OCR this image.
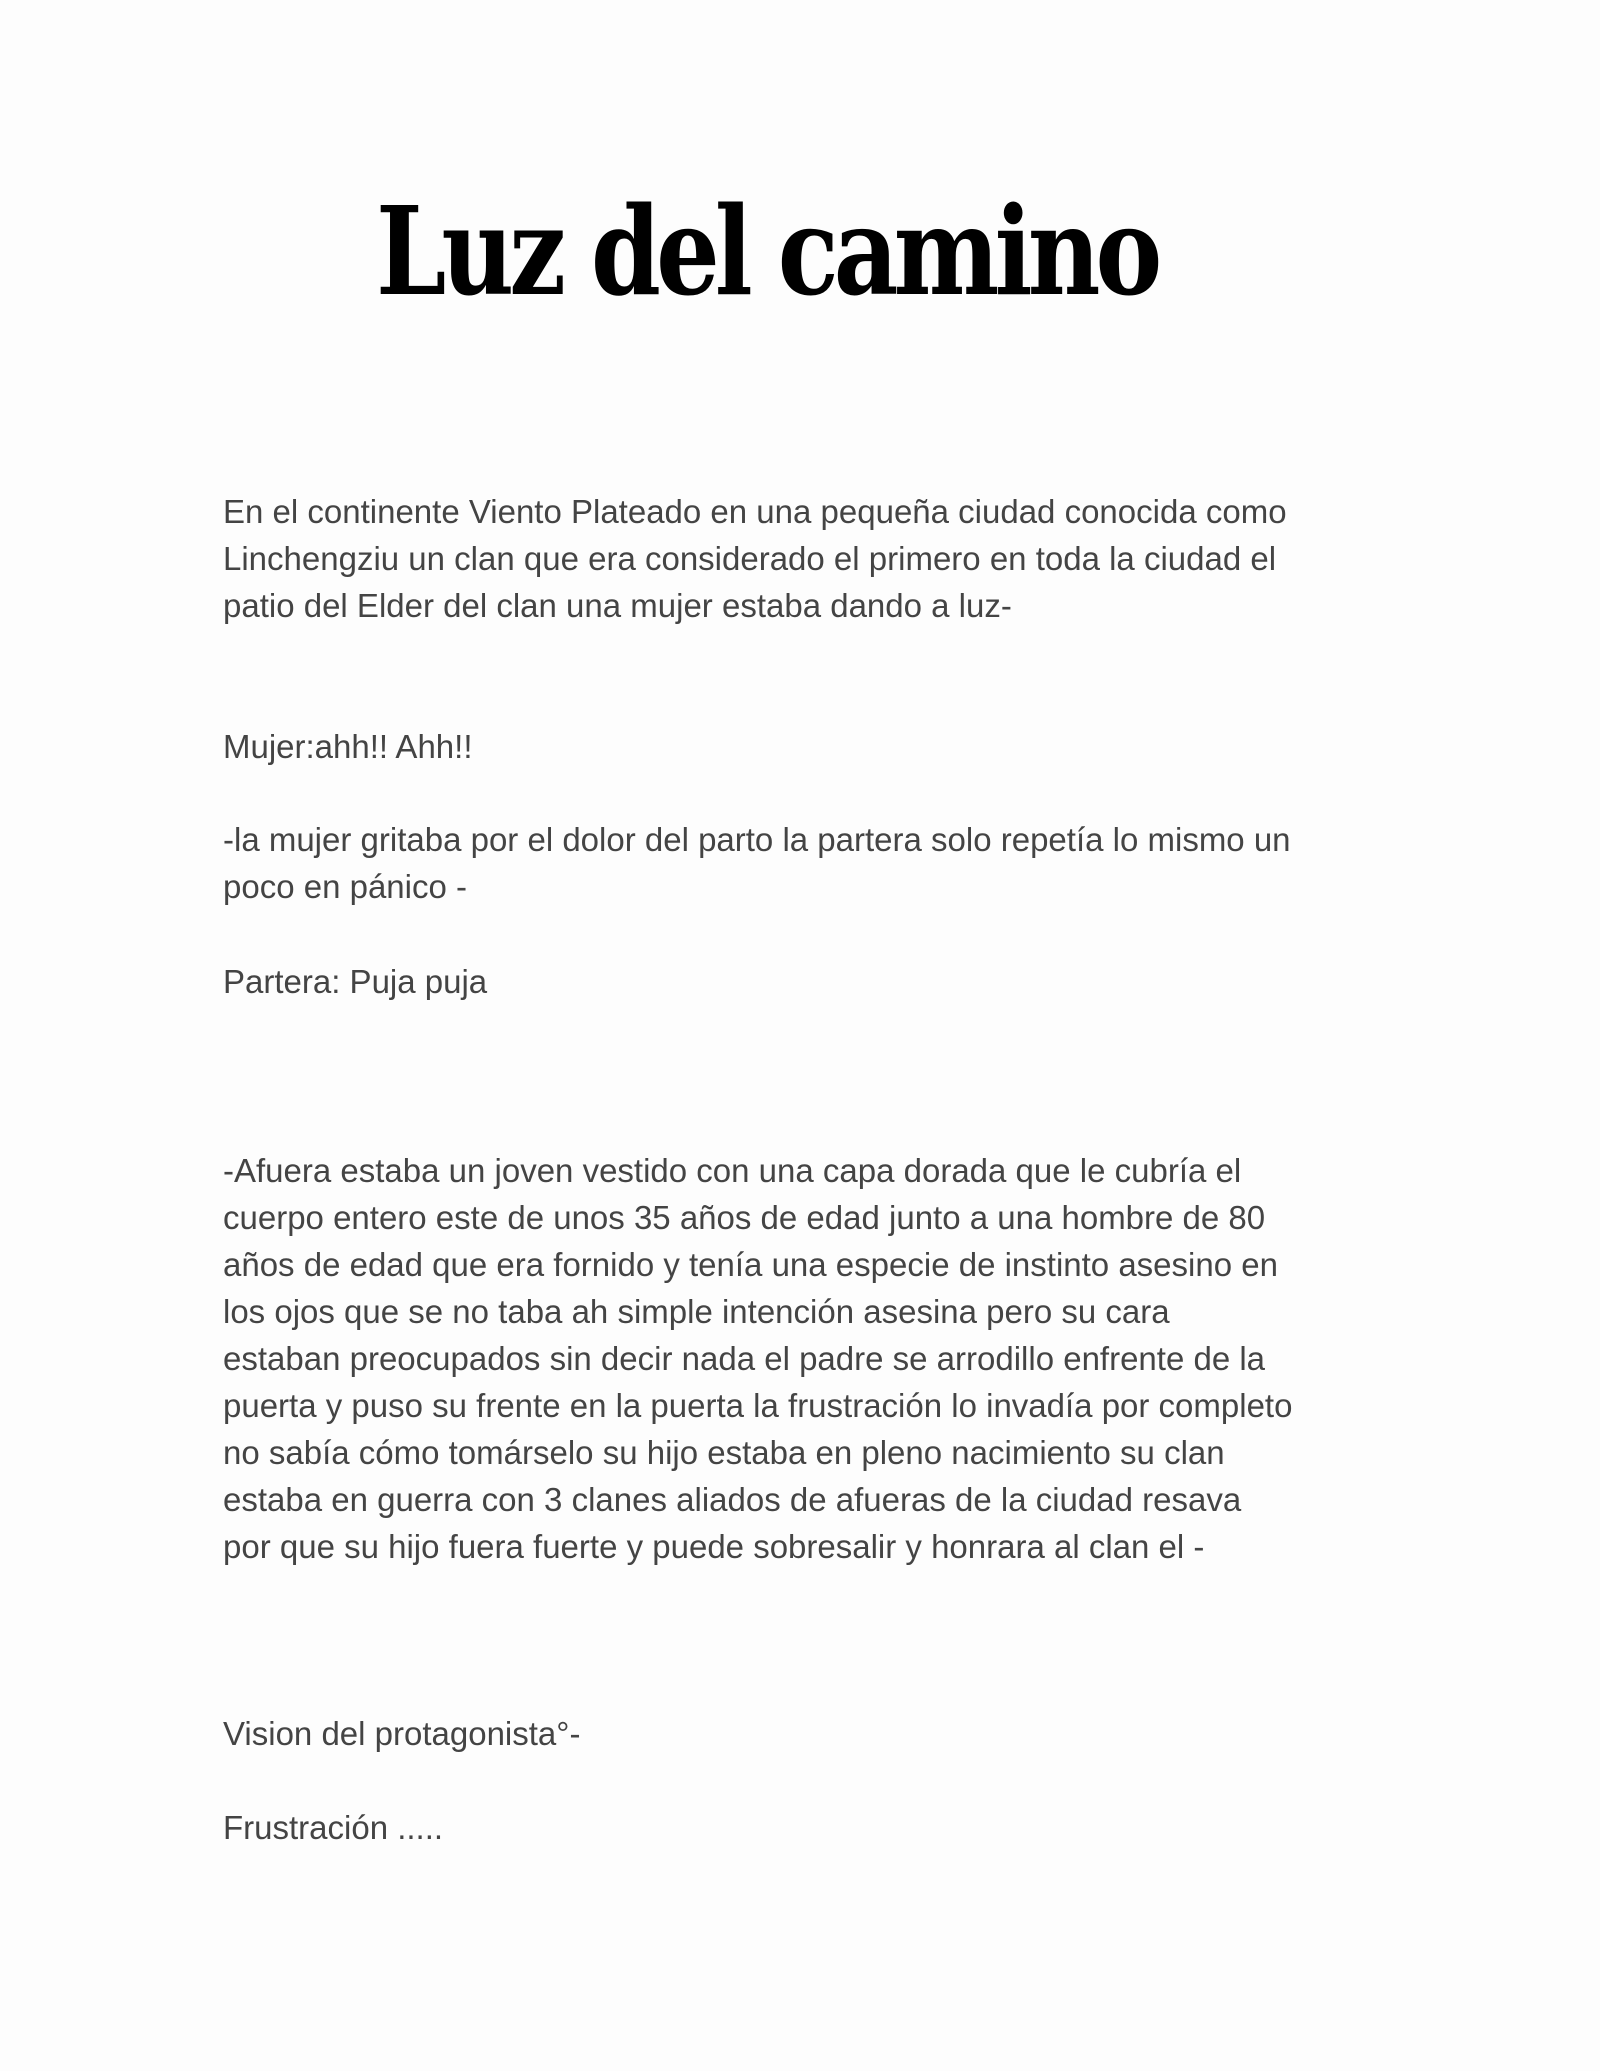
Luz del camino

En el continente Viento Plateado en una pequeña ciudad conocida como
Linchengziu un clan que era considerado el primero en toda la ciudad el
patio del Elder del clan una mujer estaba dando a luz-

Mujer:ahh!! Ahh!!

-la mujer gritaba por el dolor del parto la partera solo repetía lo mismo un
poco en pánico -

Partera: Puja puja

-Afuera estaba un joven vestido con una capa dorada que le cubría el
cuerpo entero este de unos 35 años de edad junto a una hombre de 80
años de edad que era fornido y tenía una especie de instinto asesino en
los ojos que se no taba ah simple intención asesina pero su cara
estaban preocupados sin decir nada el padre se arrodillo enfrente de la
puerta y puso su frente en la puerta la frustración lo invadía por completo
no sabía cómo tomárselo su hijo estaba en pleno nacimiento su clan
estaba en guerra con 3 clanes aliados de afueras de la ciudad resava
por que su hijo fuera fuerte y puede sobresalir y honrara al clan el -

Vision del protagonista°-

Frustración .....
